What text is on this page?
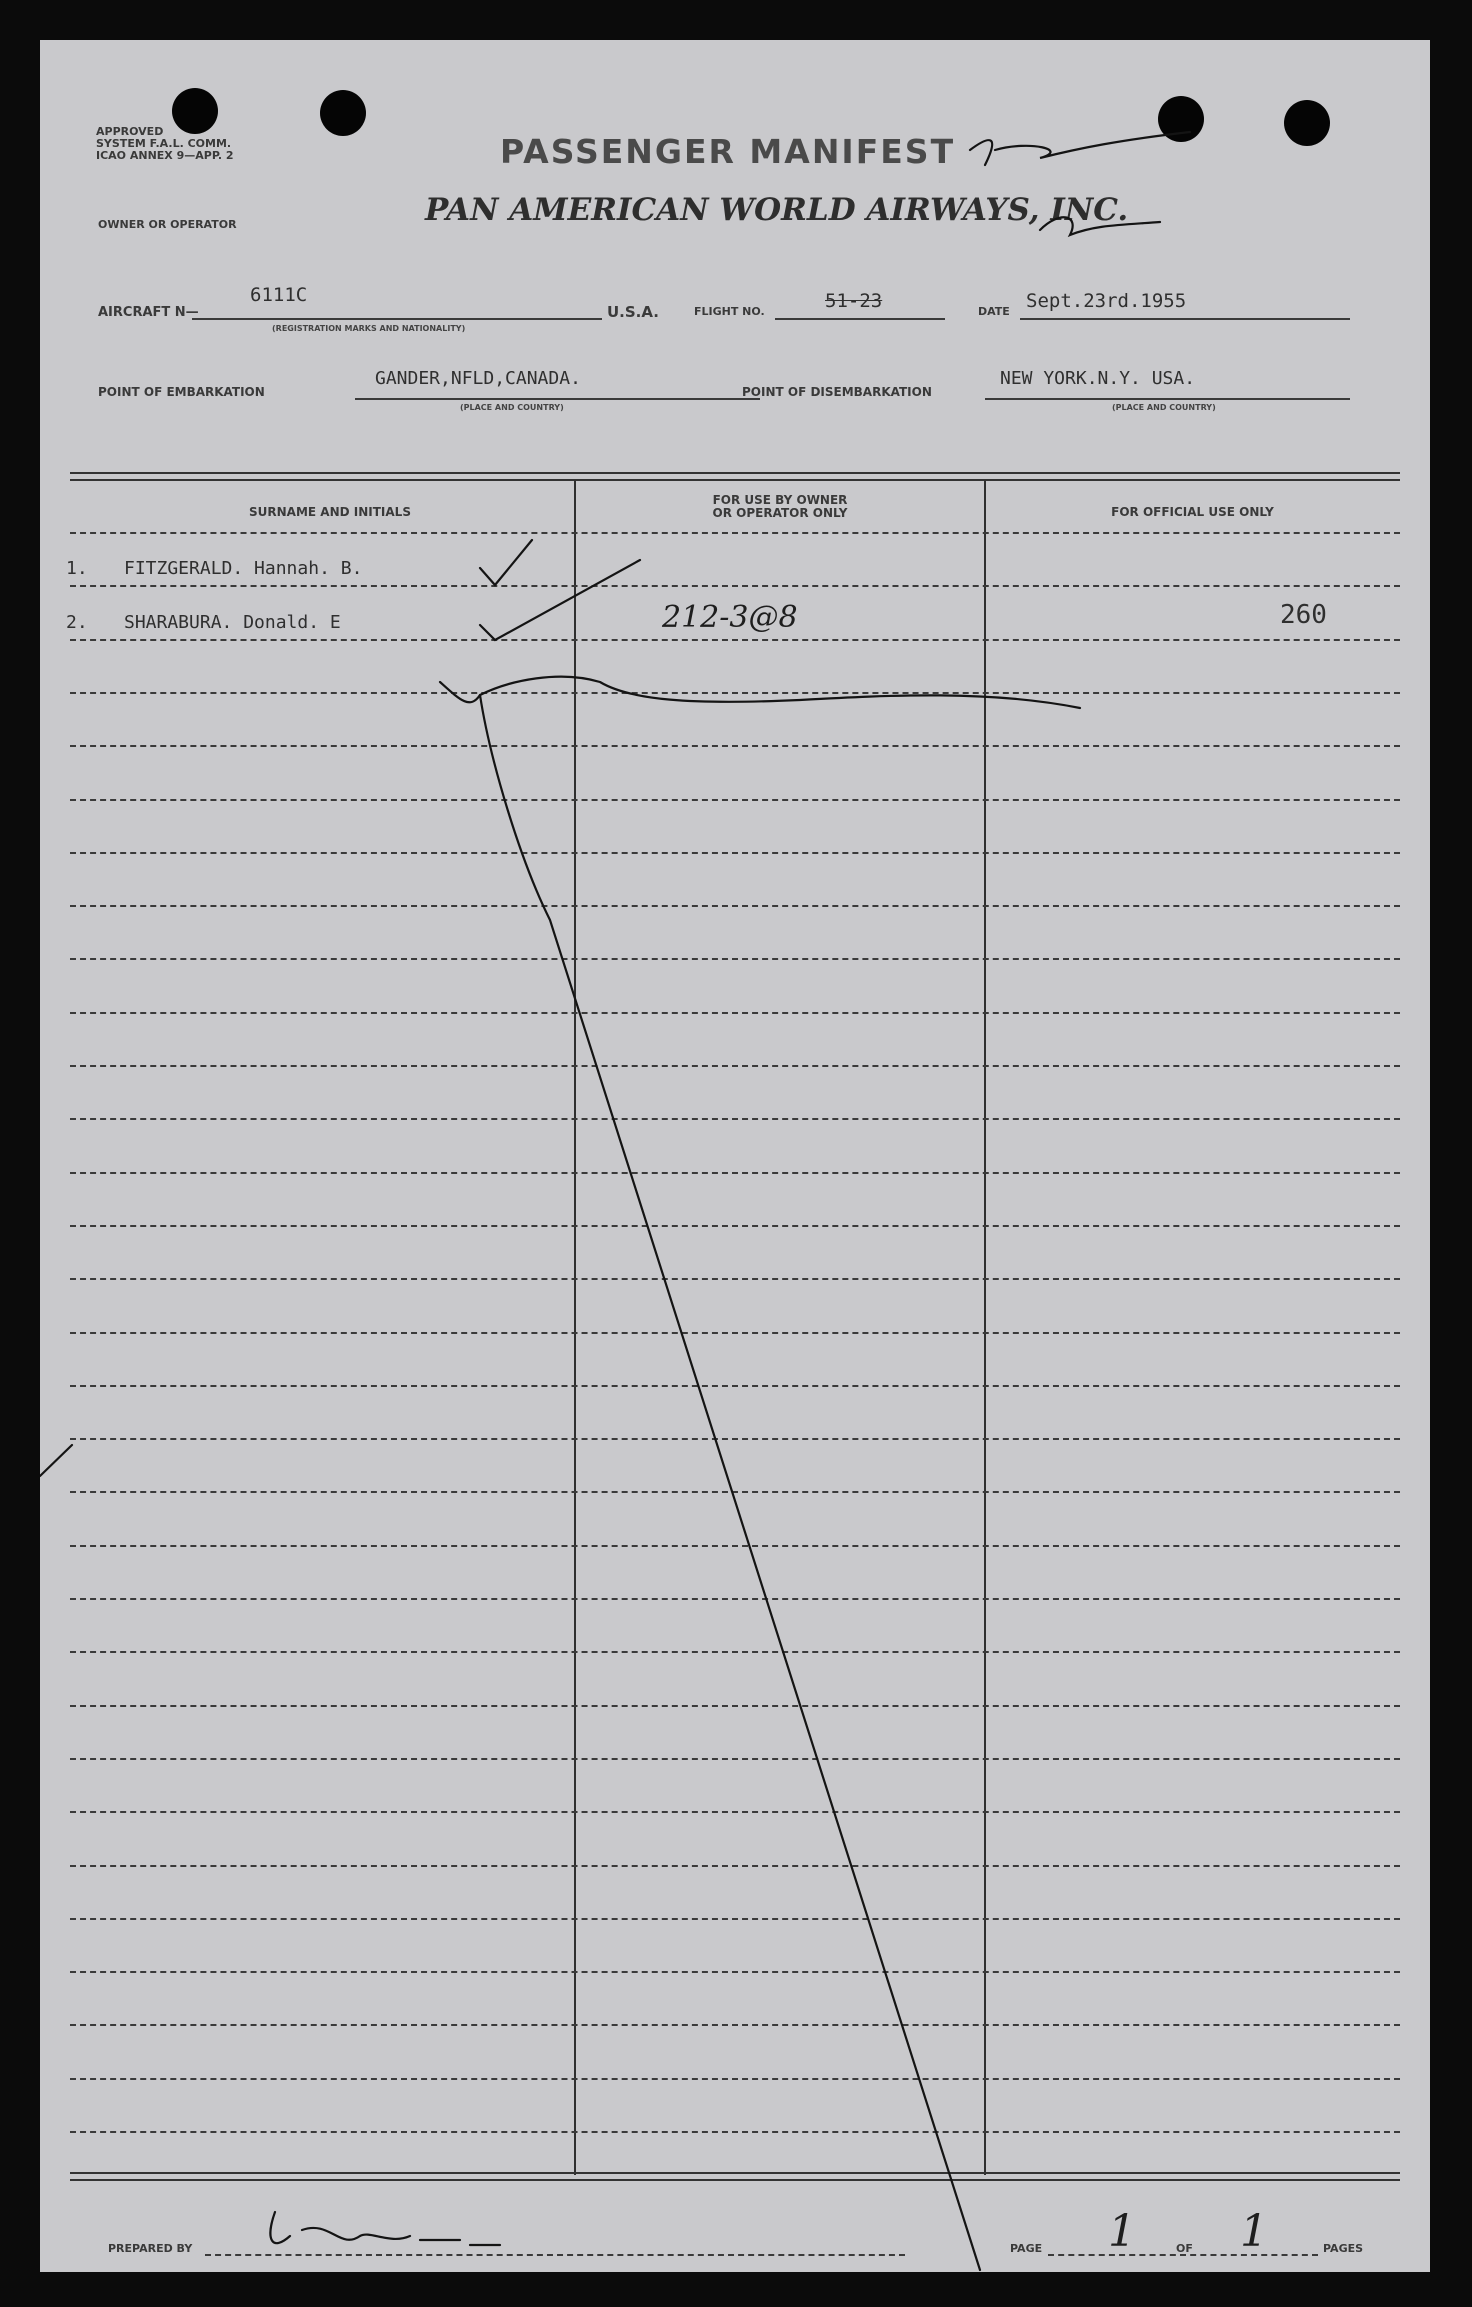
APPROVED
SYSTEM F.A.L. COMM.
ICAO ANNEX 9—APP. 2	PASSENGER MANIFEST
OWNER OR OPERATOR	PAN AMERICAN WORLD AIRWAYS, INC.
AIRCRAFT N—
6111C
(REGISTRATION MARKS AND NATIONALITY)
U.S.A.	FLIGHT NO.	51-23	DATE Sept.23rd.1955
POINT OF EMBARKATION
GANDER,NFLD,CANADA.
(PLACE AND COUNTRY)
POINT OF DISEMBARKATION
NEW YORK.N.Y. USA.
(PLACE AND COUNTRY)
SURNAME AND INITIALS
FOR USE BY OWNER
OR OPERATOR ONLY	FOR OFFICIAL USE ONLY
1. FITZGERALD. Hannah. B.
2. SHARABURA. Donald. E	212-3@8	260
PREPARED BY	PAGE 1	OF 1	PAGES
